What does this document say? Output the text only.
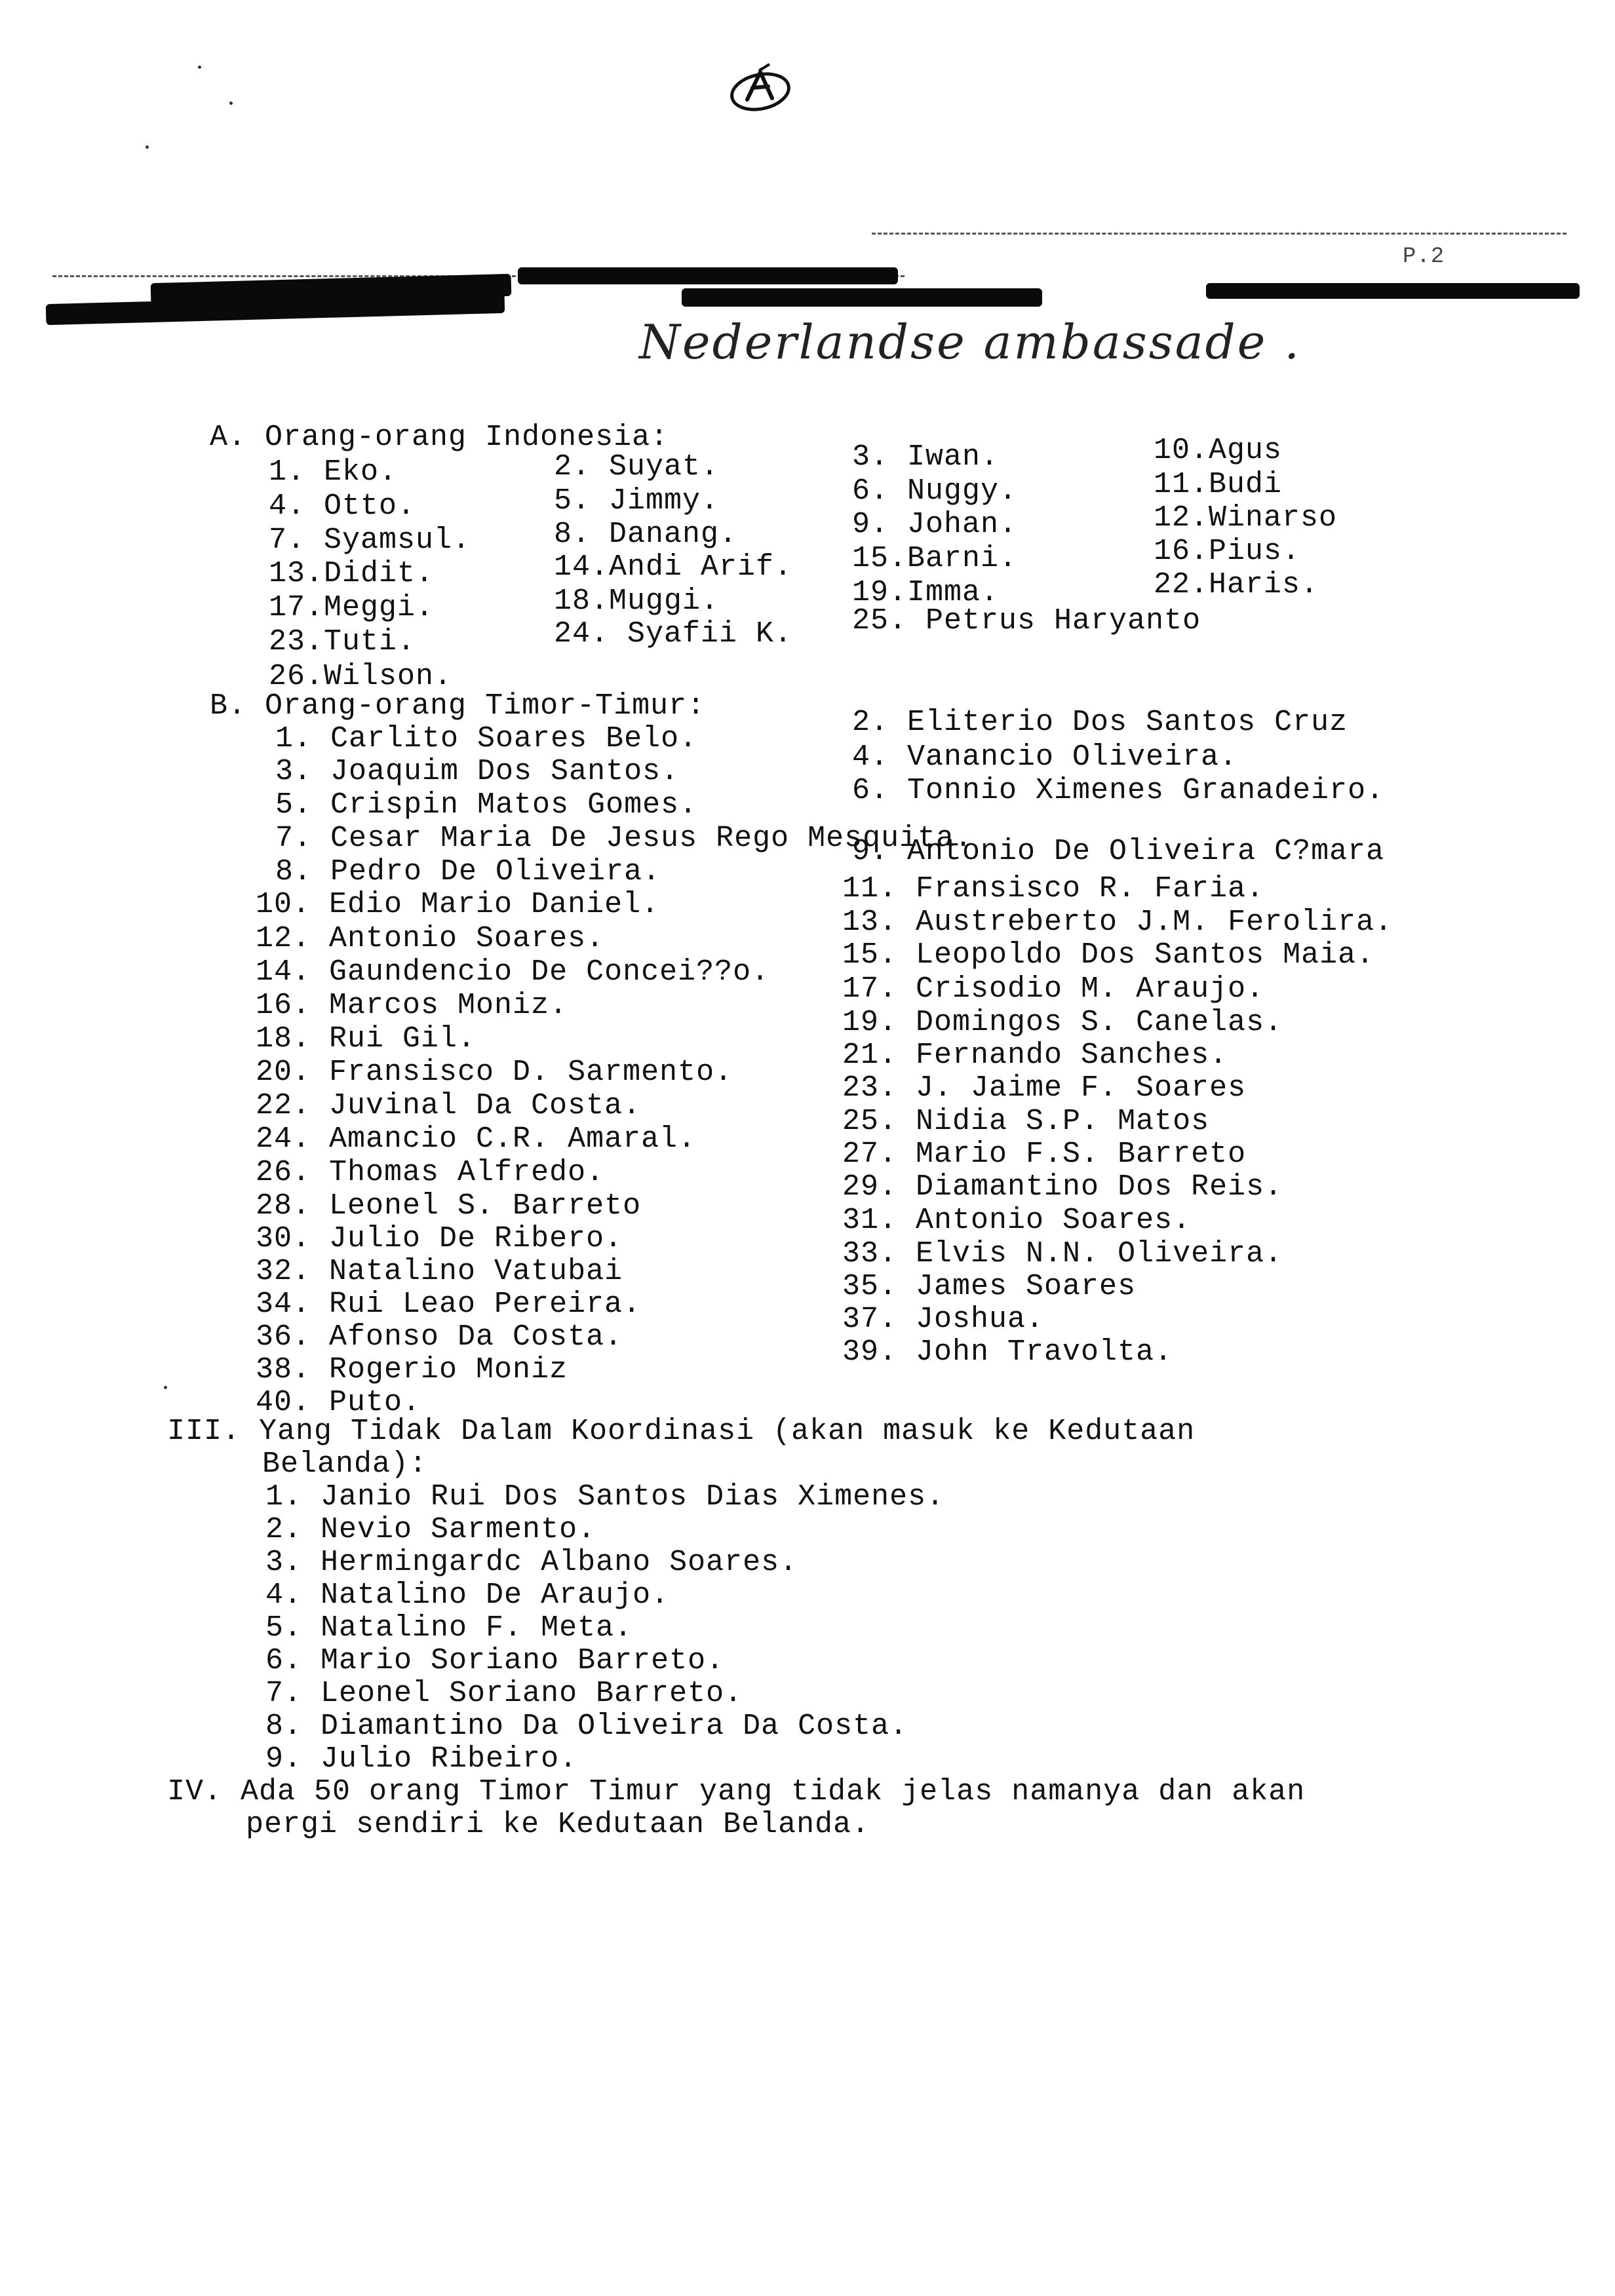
P.2
Nederlandse ambassade .
A. Orang-orang Indonesia:
1. Eko.	2. Suyat.	3. Iwan.	10.Agus
4. Otto.	5. Jimmy.	6. Nuggy.	11.Budi
7. Syamsul.	8. Danang.	9. Johan.	12.Winarso
13.Didit.	14.Andi Arif. 15.Barni.	16.Pius.
17.Meggi.	18.Muggi.	19.Imma.	22.Haris.
23.Tuti.	24. Syafii K. 25. Petrus Haryanto
26.Wilson.
B. Orang-orang Timor-Timur:
1. Carlito Soares Belo.	2. Eliterio Dos Santos Cruz
3. Joaquim Dos Santos.	4. Vanancio Oliveira.
5. Crispin Matos Gomes.	6. Tonnio Ximenes Granadeiro.
7. Cesar Maria De Jesus Rego Mesquita.
8. Pedro De Oliveira.
9. Antonio De Oliveira C?mara
10. Edio Mario Daniel.	11. Fransisco R. Faria.
12. Antonio Soares.	13. Austreberto J.M. Ferolira.
14. Gaundencio De Concei??o.
15. Leopoldo Dos Santos Maia.
16. Marcos Moniz.	17. Crisodio M. Araujo.
18. Rui Gil.	19. Domingos S. Canelas.
20. Fransisco D. Sarmento.
21. Fernando Sanches.
22. Juvinal Da Costa.
23. J. Jaime F. Soares
24. Amancio C.R. Amaral.
25. Nidia S.P. Matos
26. Thomas Alfredo.
27. Mario F.S. Barreto
28. Leonel S. Barreto
29. Diamantino Dos Reis.
30. Julio De Ribero.
31. Antonio Soares.
32. Natalino Vatubai
33. Elvis N.N. Oliveira.
34. Rui Leao Pereira.
35. James Soares
36. Afonso Da Costa.
37. Joshua.
38. Rogerio Moniz
39. John Travolta.
40. Puto.
III. Yang Tidak Dalam Koordinasi (akan masuk ke Kedutaan
Belanda):
1. Janio Rui Dos Santos Dias Ximenes.
2. Nevio Sarmento.
3. Hermingardc Albano Soares.
4. Natalino De Araujo.
5. Natalino F. Meta.
6. Mario Soriano Barreto.
7. Leonel Soriano Barreto.
8. Diamantino Da Oliveira Da Costa.
9. Julio Ribeiro.
IV. Ada 50 orang Timor Timur yang tidak jelas namanya dan akan
pergi sendiri ke Kedutaan Belanda.
